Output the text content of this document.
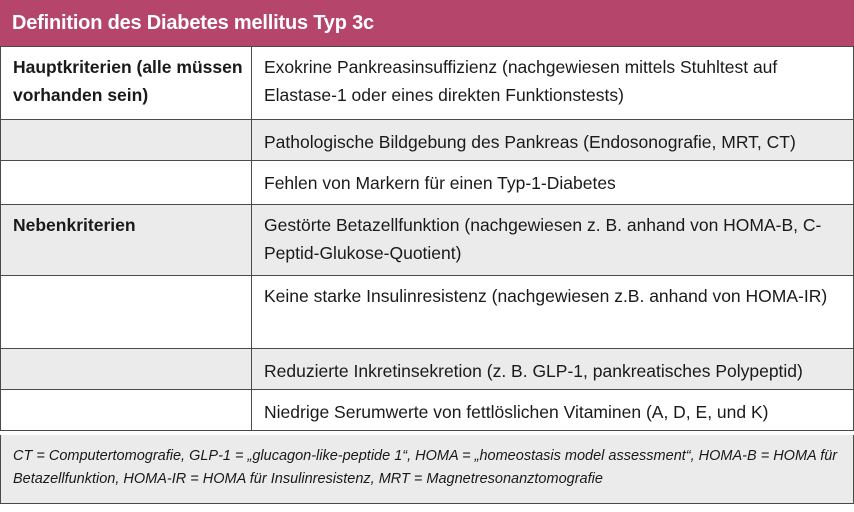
Definition des Diabetes mellitus Typ 3c
Hauptkriterien (alle müssen vorhanden sein)	Exokrine Pankreasinsuffizienz (nachgewiesen mittels Stuhltest auf Elastase-1 oder eines direkten Funktionstests)
	Pathologische Bildgebung des Pankreas (Endosonografie, MRT, CT)
	Fehlen von Markern für einen Typ-1-Diabetes
Nebenkriterien	Gestörte Betazellfunktion (nachgewiesen z. B. anhand von HOMA-B, C-Peptid-Glukose-Quotient)
	Keine starke Insulinresistenz (nachgewiesen z.B. anhand von HOMA-IR)
	Reduzierte Inkretinsekretion (z. B. GLP-1, pankreatisches Polypeptid)
	Niedrige Serumwerte von fettlöslichen Vitaminen (A, D, E, und K)
CT = Computertomografie, GLP-1 = „glucagon-like-peptide 1“, HOMA = „homeostasis model assessment“, HOMA-B = HOMA für Betazellfunktion, HOMA-IR = HOMA für Insulinresistenz, MRT = Magnetresonanztomografie
